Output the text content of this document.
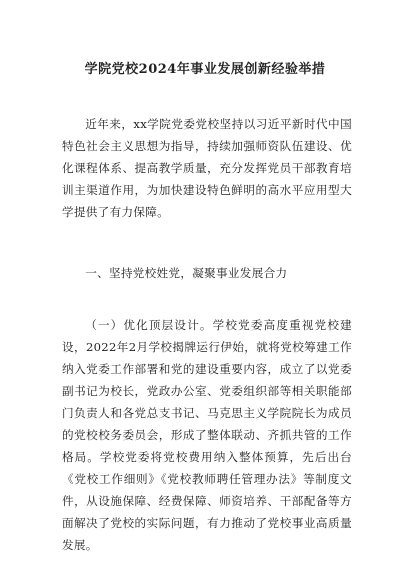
学院党校2024年事业发展创新经验举措

近年来，xx学院党委党校坚持以习近平新时代中国特色社会主义思想为指导，持续加强师资队伍建设、优化课程体系、提高教学质量，充分发挥党员干部教育培训主渠道作用，为加快建设特色鲜明的高水平应用型大学提供了有力保障。

一、坚持党校姓党，凝聚事业发展合力

（一）优化顶层设计。学校党委高度重视党校建设，2022年2月学校揭牌运行伊始，就将党校筹建工作纳入党委工作部署和党的建设重要内容，成立了以党委副书记为校长，党政办公室、党委组织部等相关职能部门负责人和各党总支书记、马克思主义学院院长为成员的党校校务委员会，形成了整体联动、齐抓共管的工作格局。学校党委将党校费用纳入整体预算，先后出台《党校工作细则》《党校教师聘任管理办法》等制度文件，从设施保障、经费保障、师资培养、干部配备等方面解决了党校的实际问题，有力推动了党校事业高质量发展。
